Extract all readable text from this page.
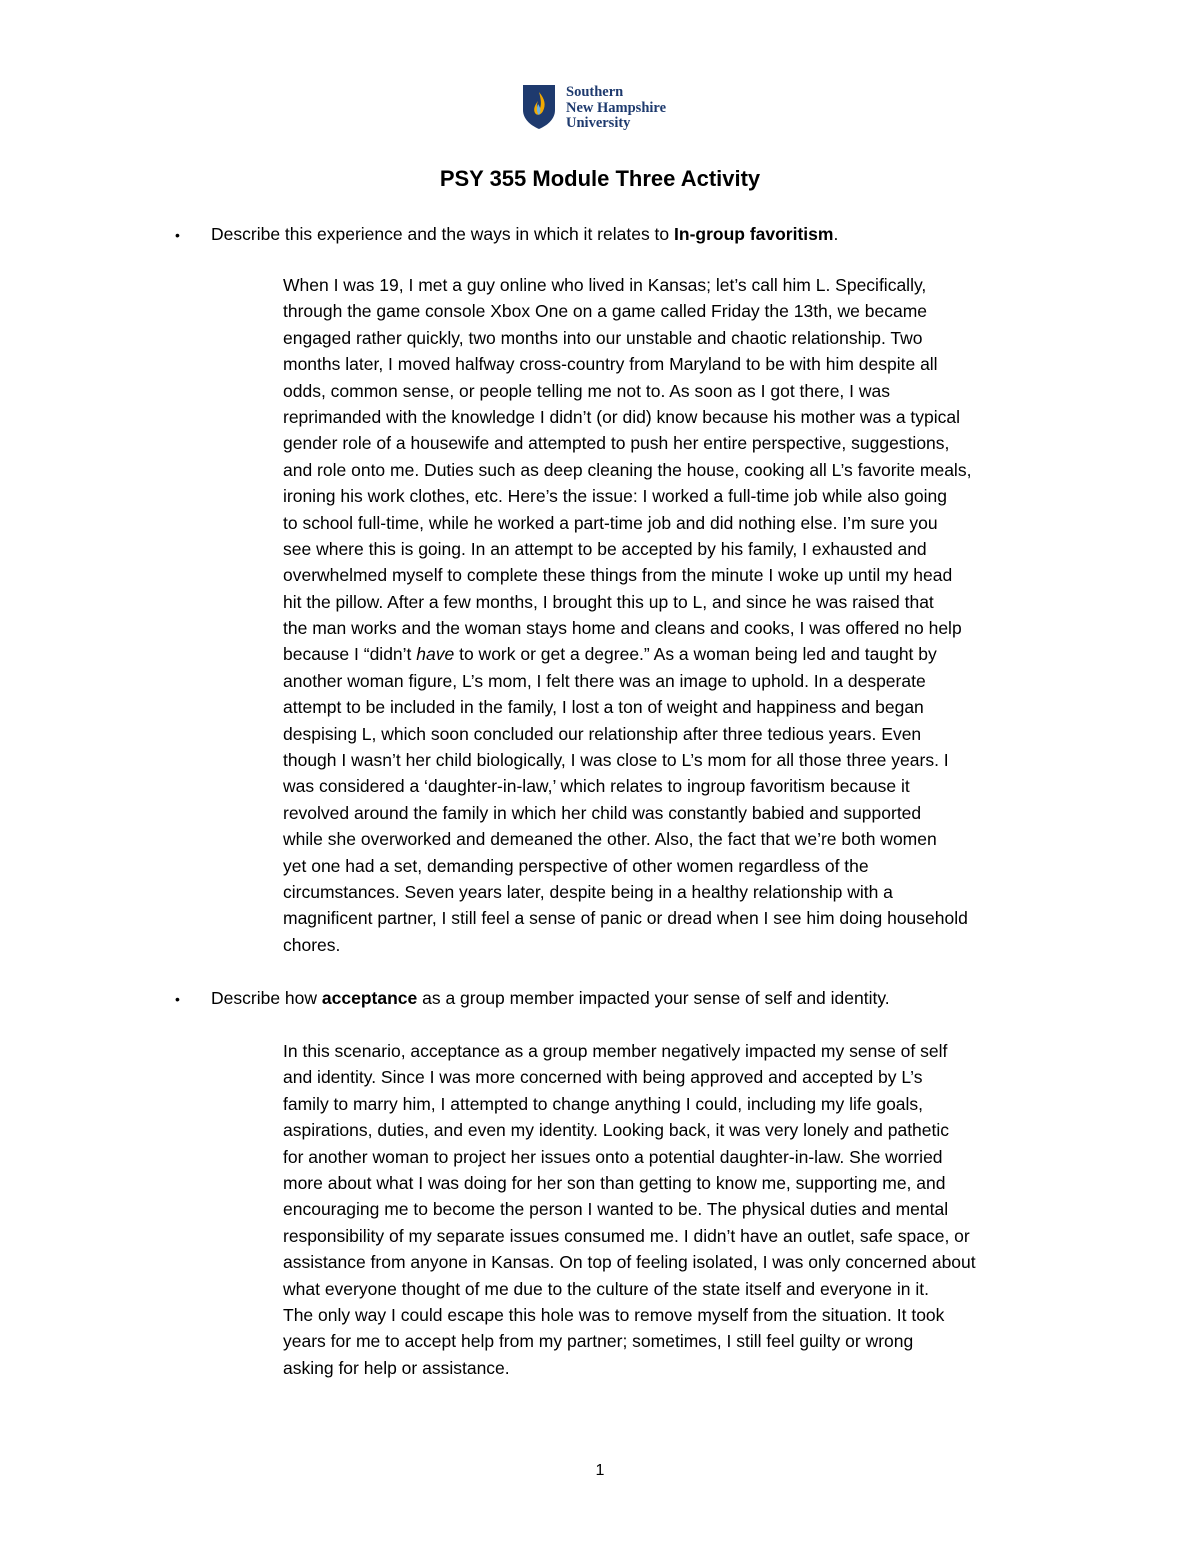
Southern
New Hampshire
University
PSY 355 Module Three Activity
• Describe this experience and the ways in which it relates to In-group favoritism.
When I was 19, I met a guy online who lived in Kansas; let’s call him L. Specifically,
through the game console Xbox One on a game called Friday the 13th, we became
engaged rather quickly, two months into our unstable and chaotic relationship. Two
months later, I moved halfway cross-country from Maryland to be with him despite all
odds, common sense, or people telling me not to. As soon as I got there, I was
reprimanded with the knowledge I didn’t (or did) know because his mother was a typical
gender role of a housewife and attempted to push her entire perspective, suggestions,
and role onto me. Duties such as deep cleaning the house, cooking all L’s favorite meals,
ironing his work clothes, etc. Here’s the issue: I worked a full-time job while also going
to school full-time, while he worked a part-time job and did nothing else. I’m sure you
see where this is going. In an attempt to be accepted by his family, I exhausted and
overwhelmed myself to complete these things from the minute I woke up until my head
hit the pillow. After a few months, I brought this up to L, and since he was raised that
the man works and the woman stays home and cleans and cooks, I was offered no help
because I “didn’t have to work or get a degree.” As a woman being led and taught by
another woman figure, L’s mom, I felt there was an image to uphold. In a desperate
attempt to be included in the family, I lost a ton of weight and happiness and began
despising L, which soon concluded our relationship after three tedious years. Even
though I wasn’t her child biologically, I was close to L’s mom for all those three years. I
was considered a ‘daughter-in-law,’ which relates to ingroup favoritism because it
revolved around the family in which her child was constantly babied and supported
while she overworked and demeaned the other. Also, the fact that we’re both women
yet one had a set, demanding perspective of other women regardless of the
circumstances. Seven years later, despite being in a healthy relationship with a
magnificent partner, I still feel a sense of panic or dread when I see him doing household
chores.
• Describe how acceptance as a group member impacted your sense of self and identity.
In this scenario, acceptance as a group member negatively impacted my sense of self
and identity. Since I was more concerned with being approved and accepted by L’s
family to marry him, I attempted to change anything I could, including my life goals,
aspirations, duties, and even my identity. Looking back, it was very lonely and pathetic
for another woman to project her issues onto a potential daughter-in-law. She worried
more about what I was doing for her son than getting to know me, supporting me, and
encouraging me to become the person I wanted to be. The physical duties and mental
responsibility of my separate issues consumed me. I didn’t have an outlet, safe space, or
assistance from anyone in Kansas. On top of feeling isolated, I was only concerned about
what everyone thought of me due to the culture of the state itself and everyone in it.
The only way I could escape this hole was to remove myself from the situation. It took
years for me to accept help from my partner; sometimes, I still feel guilty or wrong
asking for help or assistance.
1
